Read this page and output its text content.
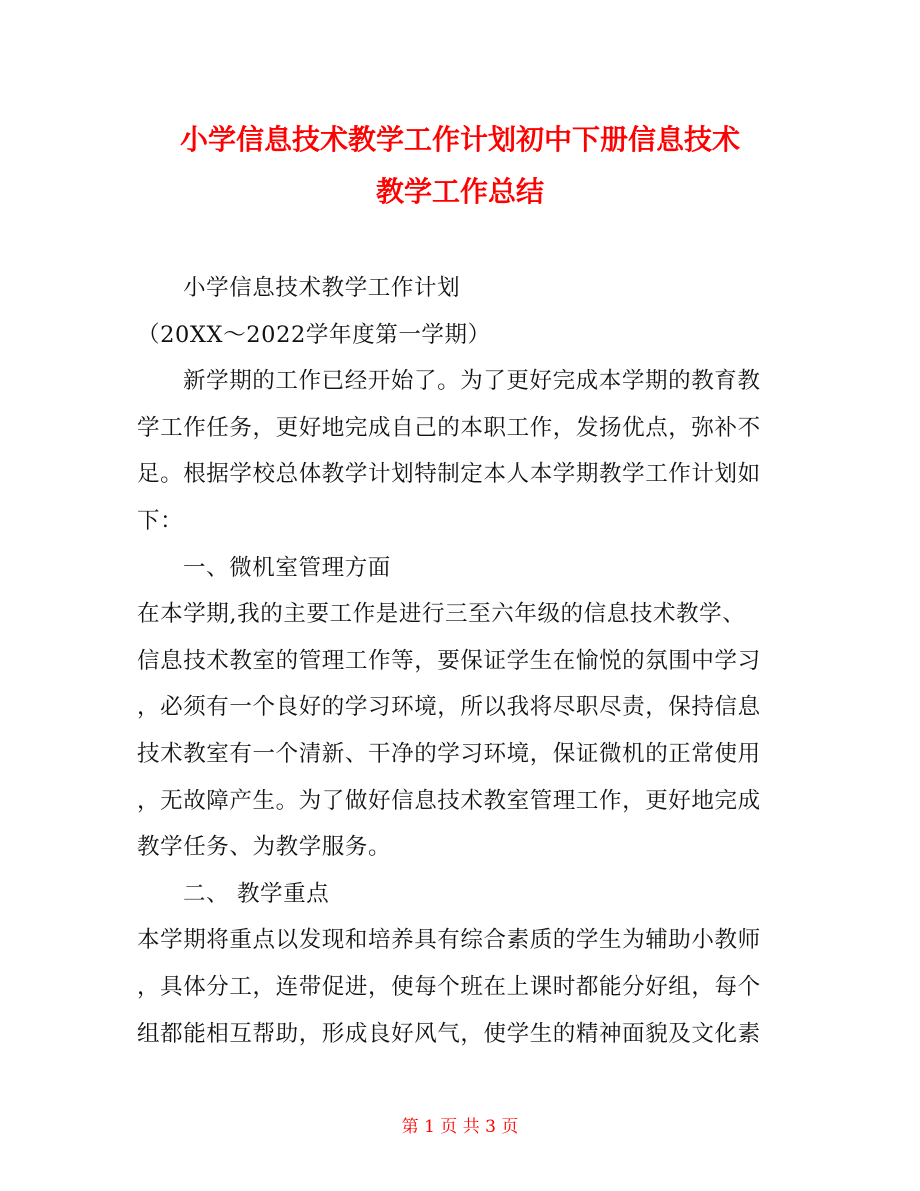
小学信息技术教学工作计划初中下册信息技术
教学工作总结
小学信息技术教学工作计划
（20XX～2022学年度第一学期）
新学期的工作已经开始了。为了更好完成本学期的教育教
学工作任务，更好地完成自己的本职工作，发扬优点，弥补不
足。根据学校总体教学计划特制定本人本学期教学工作计划如
下：
一、微机室管理方面
在本学期,我的主要工作是进行三至六年级的信息技术教学、
信息技术教室的管理工作等，要保证学生在愉悦的氛围中学习
，必须有一个良好的学习环境，所以我将尽职尽责，保持信息
技术教室有一个清新、干净的学习环境，保证微机的正常使用
，无故障产生。为了做好信息技术教室管理工作，更好地完成
教学任务、为教学服务。
二、 教学重点
本学期将重点以发现和培养具有综合素质的学生为辅助小教师
，具体分工，连带促进，使每个班在上课时都能分好组，每个
组都能相互帮助，形成良好风气，使学生的精神面貌及文化素
第 1 页 共 3 页
